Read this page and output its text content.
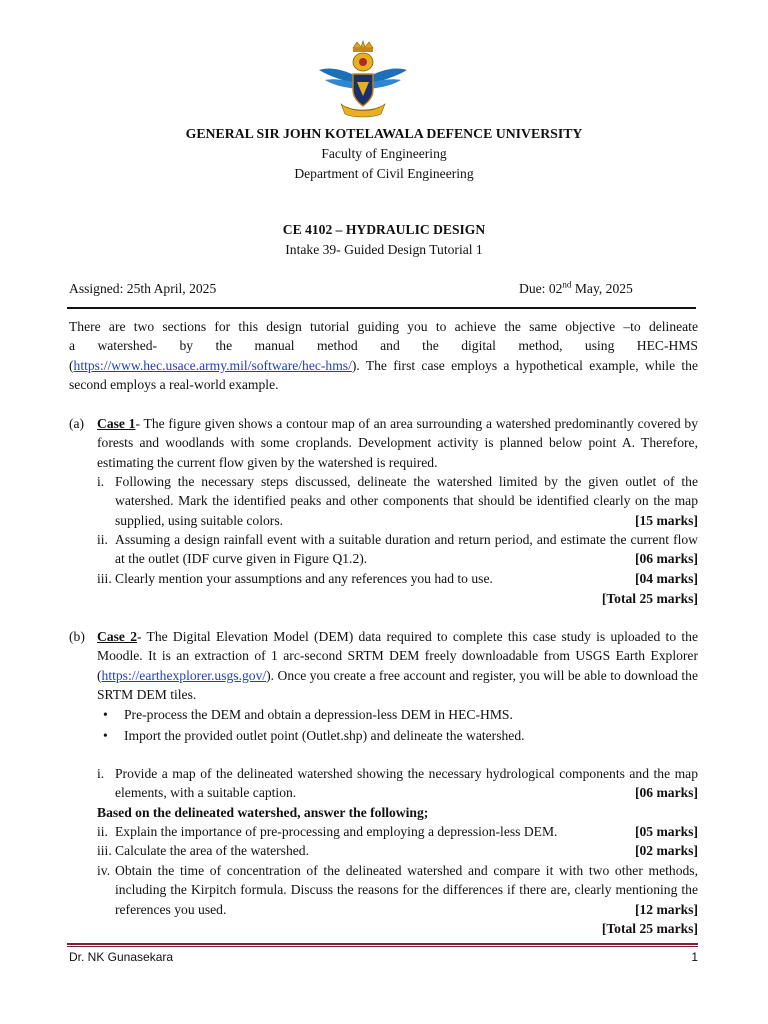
GENERAL SIR JOHN KOTELAWALA DEFENCE UNIVERSITY
Faculty of Engineering
Department of Civil Engineering
CE 4102 – HYDRAULIC DESIGN
Intake 39- Guided Design Tutorial 1
Assigned: 25th April, 2025	Due: 02nd May, 2025
There are two sections for this design tutorial guiding you to achieve the same objective –to delineate
a watershed- by the manual method and the digital method, using HEC-HMS
(https://www.hec.usace.army.mil/software/hec-hms/). The first case employs a hypothetical example, while the second employs a real-world example.
(a) Case 1- The figure given shows a contour map of an area surrounding a watershed predominantly covered by forests and woodlands with some croplands. Development activity is planned below point A. Therefore, estimating the current flow given by the watershed is required.
i. Following the necessary steps discussed, delineate the watershed limited by the given outlet of the watershed. Mark the identified peaks and other components that should be identified clearly on the map supplied, using suitable colors.	[15 marks]
ii. Assuming a design rainfall event with a suitable duration and return period, and estimate the current flow at the outlet (IDF curve given in Figure Q1.2).	[06 marks]
iii. Clearly mention your assumptions and any references you had to use.	[04 marks]
[Total 25 marks]
(b) Case 2- The Digital Elevation Model (DEM) data required to complete this case study is uploaded to the Moodle. It is an extraction of 1 arc-second SRTM DEM freely downloadable from USGS Earth Explorer (https://earthexplorer.usgs.gov/). Once you create a free account and register, you will be able to download the SRTM DEM tiles.
• Pre-process the DEM and obtain a depression-less DEM in HEC-HMS.
• Import the provided outlet point (Outlet.shp) and delineate the watershed.
i. Provide a map of the delineated watershed showing the necessary hydrological components and the map elements, with a suitable caption.	[06 marks]
Based on the delineated watershed, answer the following;
ii. Explain the importance of pre-processing and employing a depression-less DEM.	[05 marks]
iii. Calculate the area of the watershed.	[02 marks]
iv. Obtain the time of concentration of the delineated watershed and compare it with two other methods, including the Kirpitch formula. Discuss the reasons for the differences if there are, clearly mentioning the references you used.	[12 marks]
[Total 25 marks]
Dr. NK Gunasekara	1
